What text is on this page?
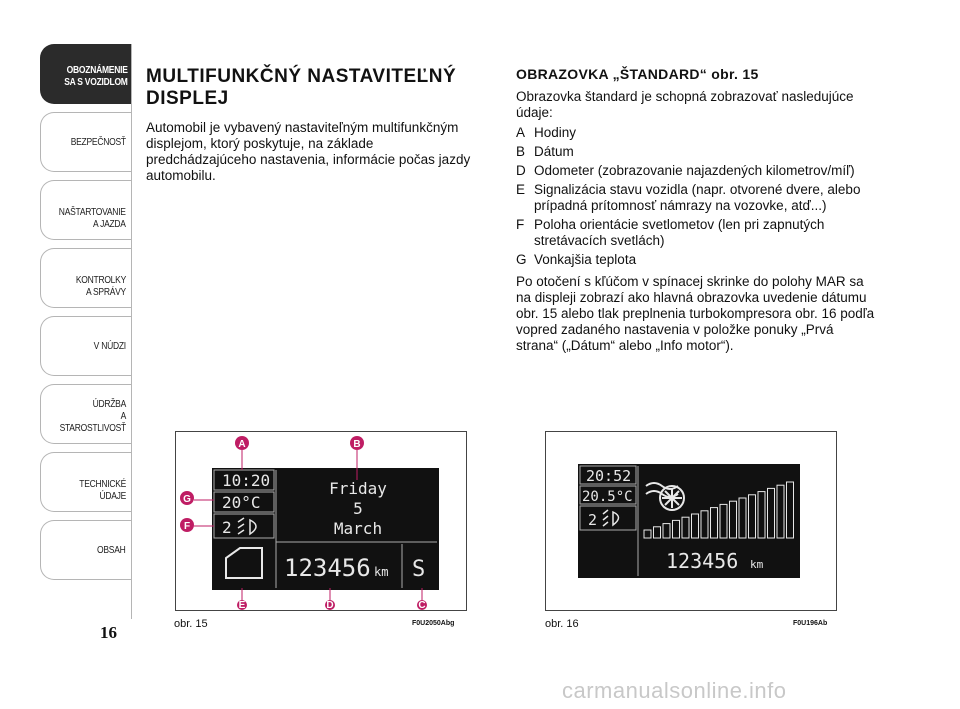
OBOZNÁMENIE
SA S VOZIDLOM
BEZPEČNOSŤ
NAŠTARTOVANIE
A JAZDA
KONTROLKY
A SPRÁVY
V NÚDZI
ÚDRŽBA
A STAROSTLIVOSŤ
TECHNICKÉ
ÚDAJE
OBSAH
16
MULTIFUNKČNÝ NASTAVITEĽNÝ
DISPLEJ

Automobil je vybavený nastaviteľným multifunkčným displejom, ktorý poskytuje, na základe predchádzajúceho nastavenia, informácie počas jazdy automobilu.

OBRAZOVKA „ŠTANDARD“ obr. 15

Obrazovka štandard je schopná zobrazovať nasledujúce údaje:

A Hodiny
B Dátum
D Odometer (zobrazovanie najazdených kilometrov/míľ)
E Signalizácia stavu vozidla (napr. otvorené dvere, alebo prípadná prítomnosť námrazy na vozovke, atď...)
F Poloha orientácie svetlometov (len pri zapnutých stretávacích svetlách)
G Vonkajšia teplota

Po otočení s kľúčom v spínacej skrinke do polohy MAR sa na displeji zobrazí ako hlavná obrazovka uvedenie dátumu obr. 15 alebo tlak preplnenia turbokompresora obr. 16 podľa vopred zadaného nastavenia v položke ponuky „Prvá strana“ („Dátum“ alebo „Info motor“).

10:20
20°C
2
Friday
5
March
123456 km S
A	B
G
F
E	D	C
obr. 15	F0U2050Abg
20:52
20.5°C
2
123456 km
obr. 16	F0U196Ab
carmanualsonline.info
